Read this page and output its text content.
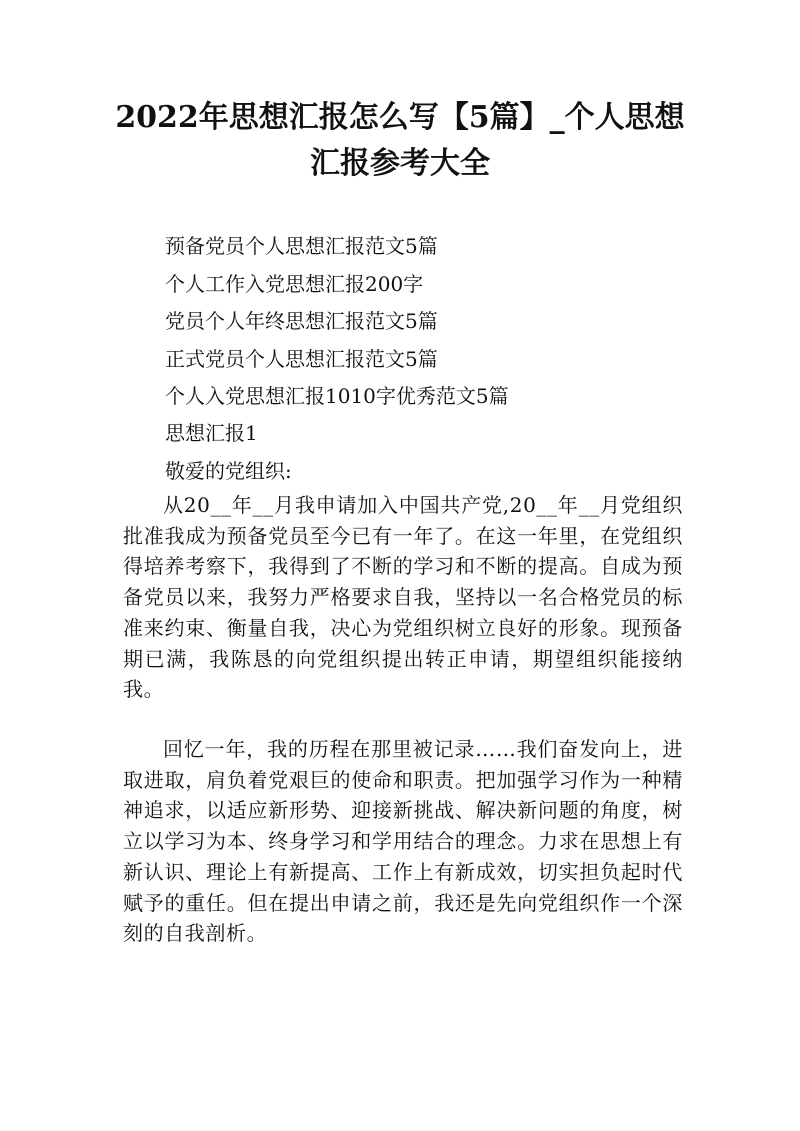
2022年思想汇报怎么写【5篇】_个人思想汇报参考大全
预备党员个人思想汇报范文5篇
个人工作入党思想汇报200字
党员个人年终思想汇报范文5篇
正式党员个人思想汇报范文5篇
个人入党思想汇报1010字优秀范文5篇
思想汇报1
敬爱的党组织:

从20__年__月我申请加入中国共产党,20__年__月党组织批准我成为预备党员至今已有一年了。在这一年里，在党组织得培养考察下，我得到了不断的学习和不断的提高。自成为预备党员以来，我努力严格要求自我，坚持以一名合格党员的标准来约束、衡量自我，决心为党组织树立良好的形象。现预备期已满，我陈恳的向党组织提出转正申请，期望组织能接纳我。

回忆一年，我的历程在那里被记录……我们奋发向上，进取进取，肩负着党艰巨的使命和职责。把加强学习作为一种精神追求，以适应新形势、迎接新挑战、解决新问题的角度，树立以学习为本、终身学习和学用结合的理念。力求在思想上有新认识、理论上有新提高、工作上有新成效，切实担负起时代赋予的重任。但在提出申请之前，我还是先向党组织作一个深刻的自我剖析。
